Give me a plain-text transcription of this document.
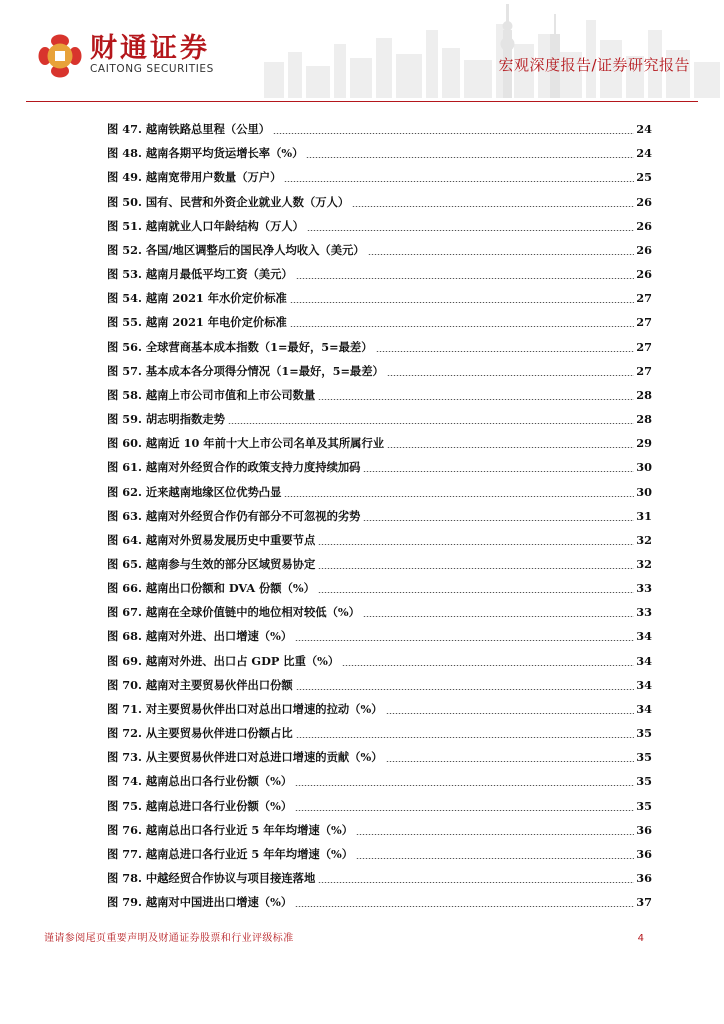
财通证券
CAITONG SECURITIES	宏观深度报告/证券研究报告
图 47. 越南铁路总里程（公里）	24
图 48. 越南各期平均货运增长率（%）	24
图 49. 越南宽带用户数量（万户）	25
图 50. 国有、民营和外资企业就业人数（万人）	26
图 51. 越南就业人口年龄结构（万人）	26
图 52. 各国/地区调整后的国民净人均收入（美元）	26
图 53. 越南月最低平均工资（美元）	26
图 54. 越南 2021 年水价定价标准	27
图 55. 越南 2021 年电价定价标准	27
图 56. 全球营商基本成本指数（1=最好，5=最差）	27
图 57. 基本成本各分项得分情况（1=最好，5=最差）	27
图 58. 越南上市公司市值和上市公司数量	28
图 59. 胡志明指数走势	28
图 60. 越南近 10 年前十大上市公司名单及其所属行业	29
图 61. 越南对外经贸合作的政策支持力度持续加码	30
图 62. 近来越南地缘区位优势凸显	30
图 63. 越南对外经贸合作仍有部分不可忽视的劣势	31
图 64. 越南对外贸易发展历史中重要节点	32
图 65. 越南参与生效的部分区域贸易协定	32
图 66. 越南出口份额和 DVA 份额（%）	33
图 67. 越南在全球价值链中的地位相对较低（%）	33
图 68. 越南对外进、出口增速（%）	34
图 69. 越南对外进、出口占 GDP 比重（%）	34
图 70. 越南对主要贸易伙伴出口份额	34
图 71. 对主要贸易伙伴出口对总出口增速的拉动（%）	34
图 72. 从主要贸易伙伴进口份额占比	35
图 73. 从主要贸易伙伴进口对总进口增速的贡献（%）	35
图 74. 越南总出口各行业份额（%）	35
图 75. 越南总进口各行业份额（%）	35
图 76. 越南总出口各行业近 5 年年均增速（%）	36
图 77. 越南总进口各行业近 5 年年均增速（%）	36
图 78. 中越经贸合作协议与项目接连落地	36
图 79. 越南对中国进出口增速（%）	37
谨请参阅尾页重要声明及财通证券股票和行业评级标准	4
